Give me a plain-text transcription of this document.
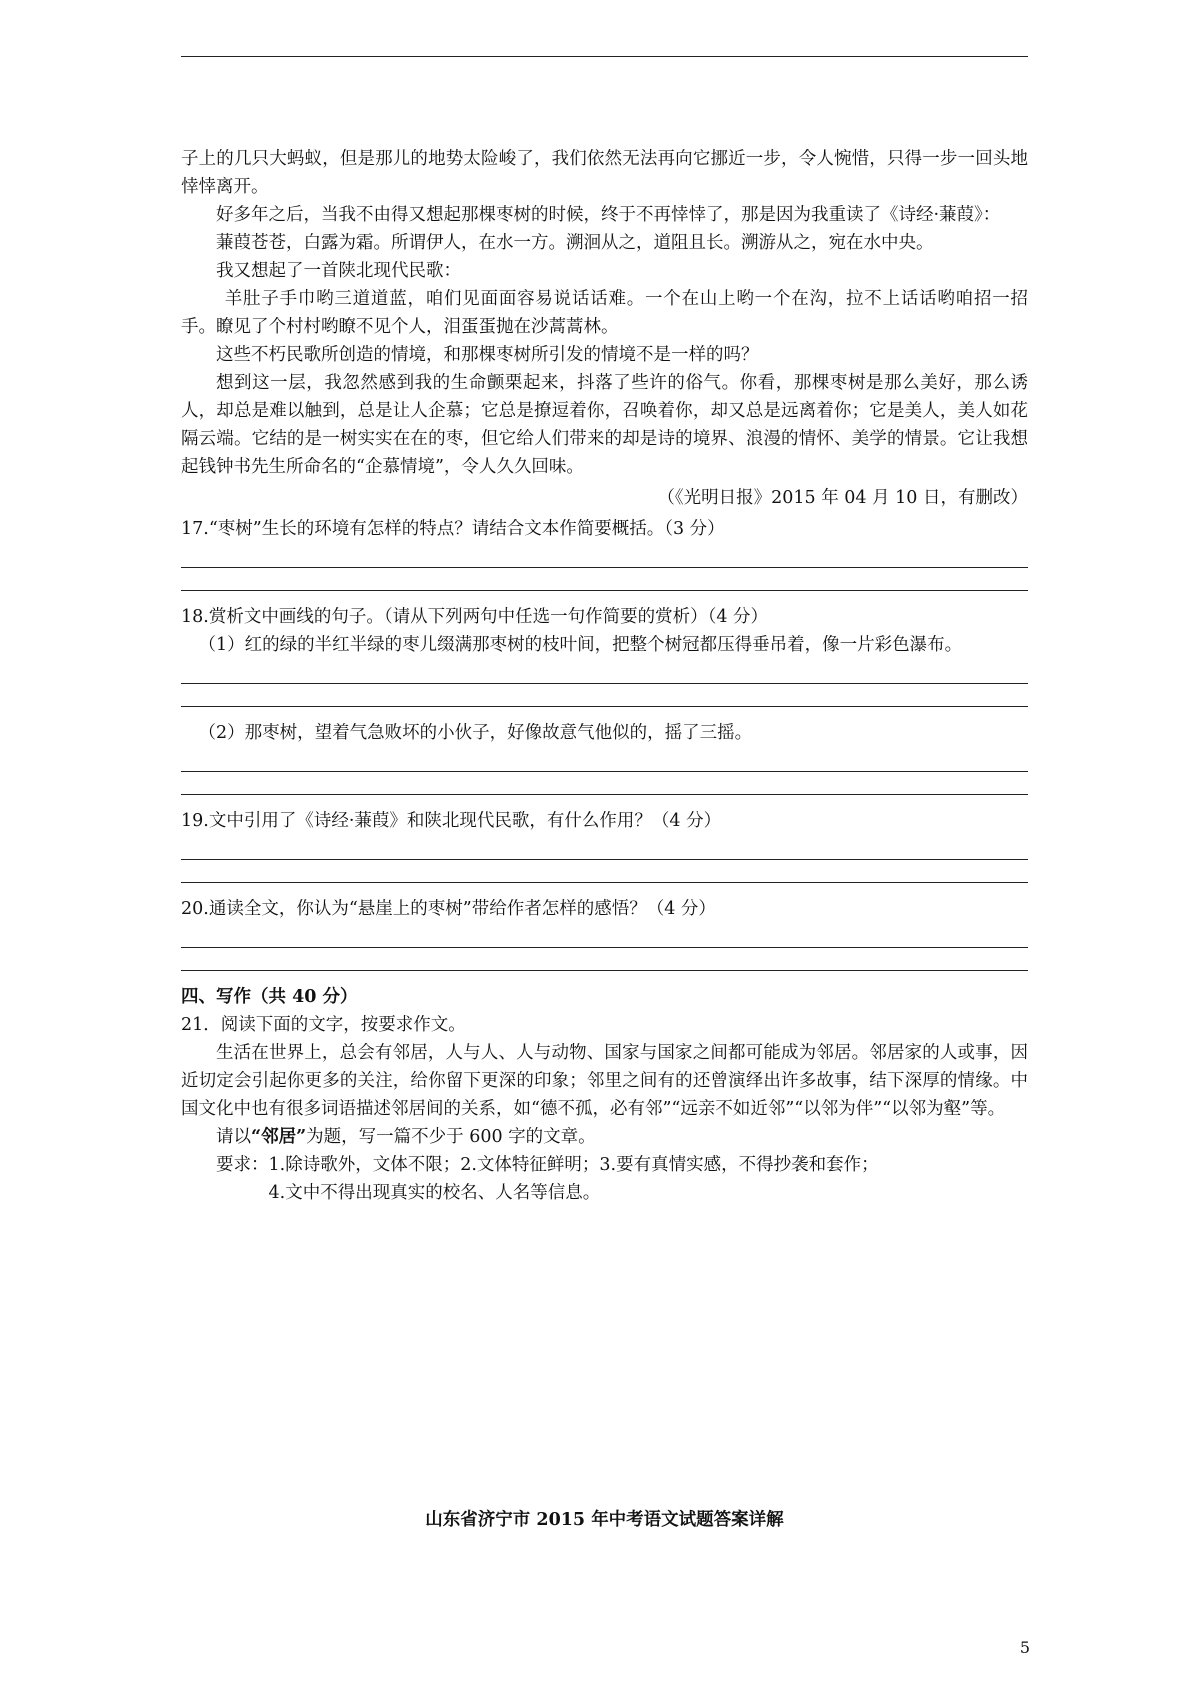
子上的几只大蚂蚁，但是那儿的地势太险峻了，我们依然无法再向它挪近一步，令人惋惜，只得一步一回头地悻悻离开。

好多年之后，当我不由得又想起那棵枣树的时候，终于不再悻悻了，那是因为我重读了《诗经·蒹葭》：

蒹葭苍苍，白露为霜。所谓伊人，在水一方。溯洄从之，道阻且长。溯游从之，宛在水中央。

我又想起了一首陕北现代民歌：

羊肚子手巾哟三道道蓝，咱们见面面容易说话话难。一个在山上哟一个在沟，拉不上话话哟咱招一招手。瞭见了个村村哟瞭不见个人，泪蛋蛋抛在沙蒿蒿林。

这些不朽民歌所创造的情境，和那棵枣树所引发的情境不是一样的吗？

想到这一层，我忽然感到我的生命颤栗起来，抖落了些许的俗气。你看，那棵枣树是那么美好，那么诱人，却总是难以触到，总是让人企慕；它总是撩逗着你，召唤着你，却又总是远离着你；它是美人，美人如花隔云端。它结的是一树实实在在的枣，但它给人们带来的却是诗的境界、浪漫的情怀、美学的情景。它让我想起钱钟书先生所命名的“企慕情境”，令人久久回味。

（《光明日报》2015 年 04 月 10 日，有删改）

17.“枣树”生长的环境有怎样的特点？请结合文本作简要概括。（3 分）

18.赏析文中画线的句子。（请从下列两句中任选一句作简要的赏析）（4 分）

（1）红的绿的半红半绿的枣儿缀满那枣树的枝叶间，把整个树冠都压得垂吊着，像一片彩色瀑布。

（2）那枣树，望着气急败坏的小伙子，好像故意气他似的，摇了三摇。

19.文中引用了《诗经·蒹葭》和陕北现代民歌，有什么作用？（4 分）

20.通读全文，你认为“悬崖上的枣树”带给作者怎样的感悟？（4 分）

四、写作（共 40 分）

21．阅读下面的文字，按要求作文。

生活在世界上，总会有邻居，人与人、人与动物、国家与国家之间都可能成为邻居。邻居家的人或事，因近切定会引起你更多的关注，给你留下更深的印象；邻里之间有的还曾演绎出许多故事，结下深厚的情缘。中国文化中也有很多词语描述邻居间的关系，如“德不孤，必有邻”“远亲不如近邻”“以邻为伴”“以邻为壑”等。

请以“邻居”为题，写一篇不少于 600 字的文章。

要求： 1.除诗歌外，文体不限；2.文体特征鲜明；3.要有真情实感，不得抄袭和套作；
4.文中不得出现真实的校名、人名等信息。
山东省济宁市 2015 年中考语文试题答案详解
5
